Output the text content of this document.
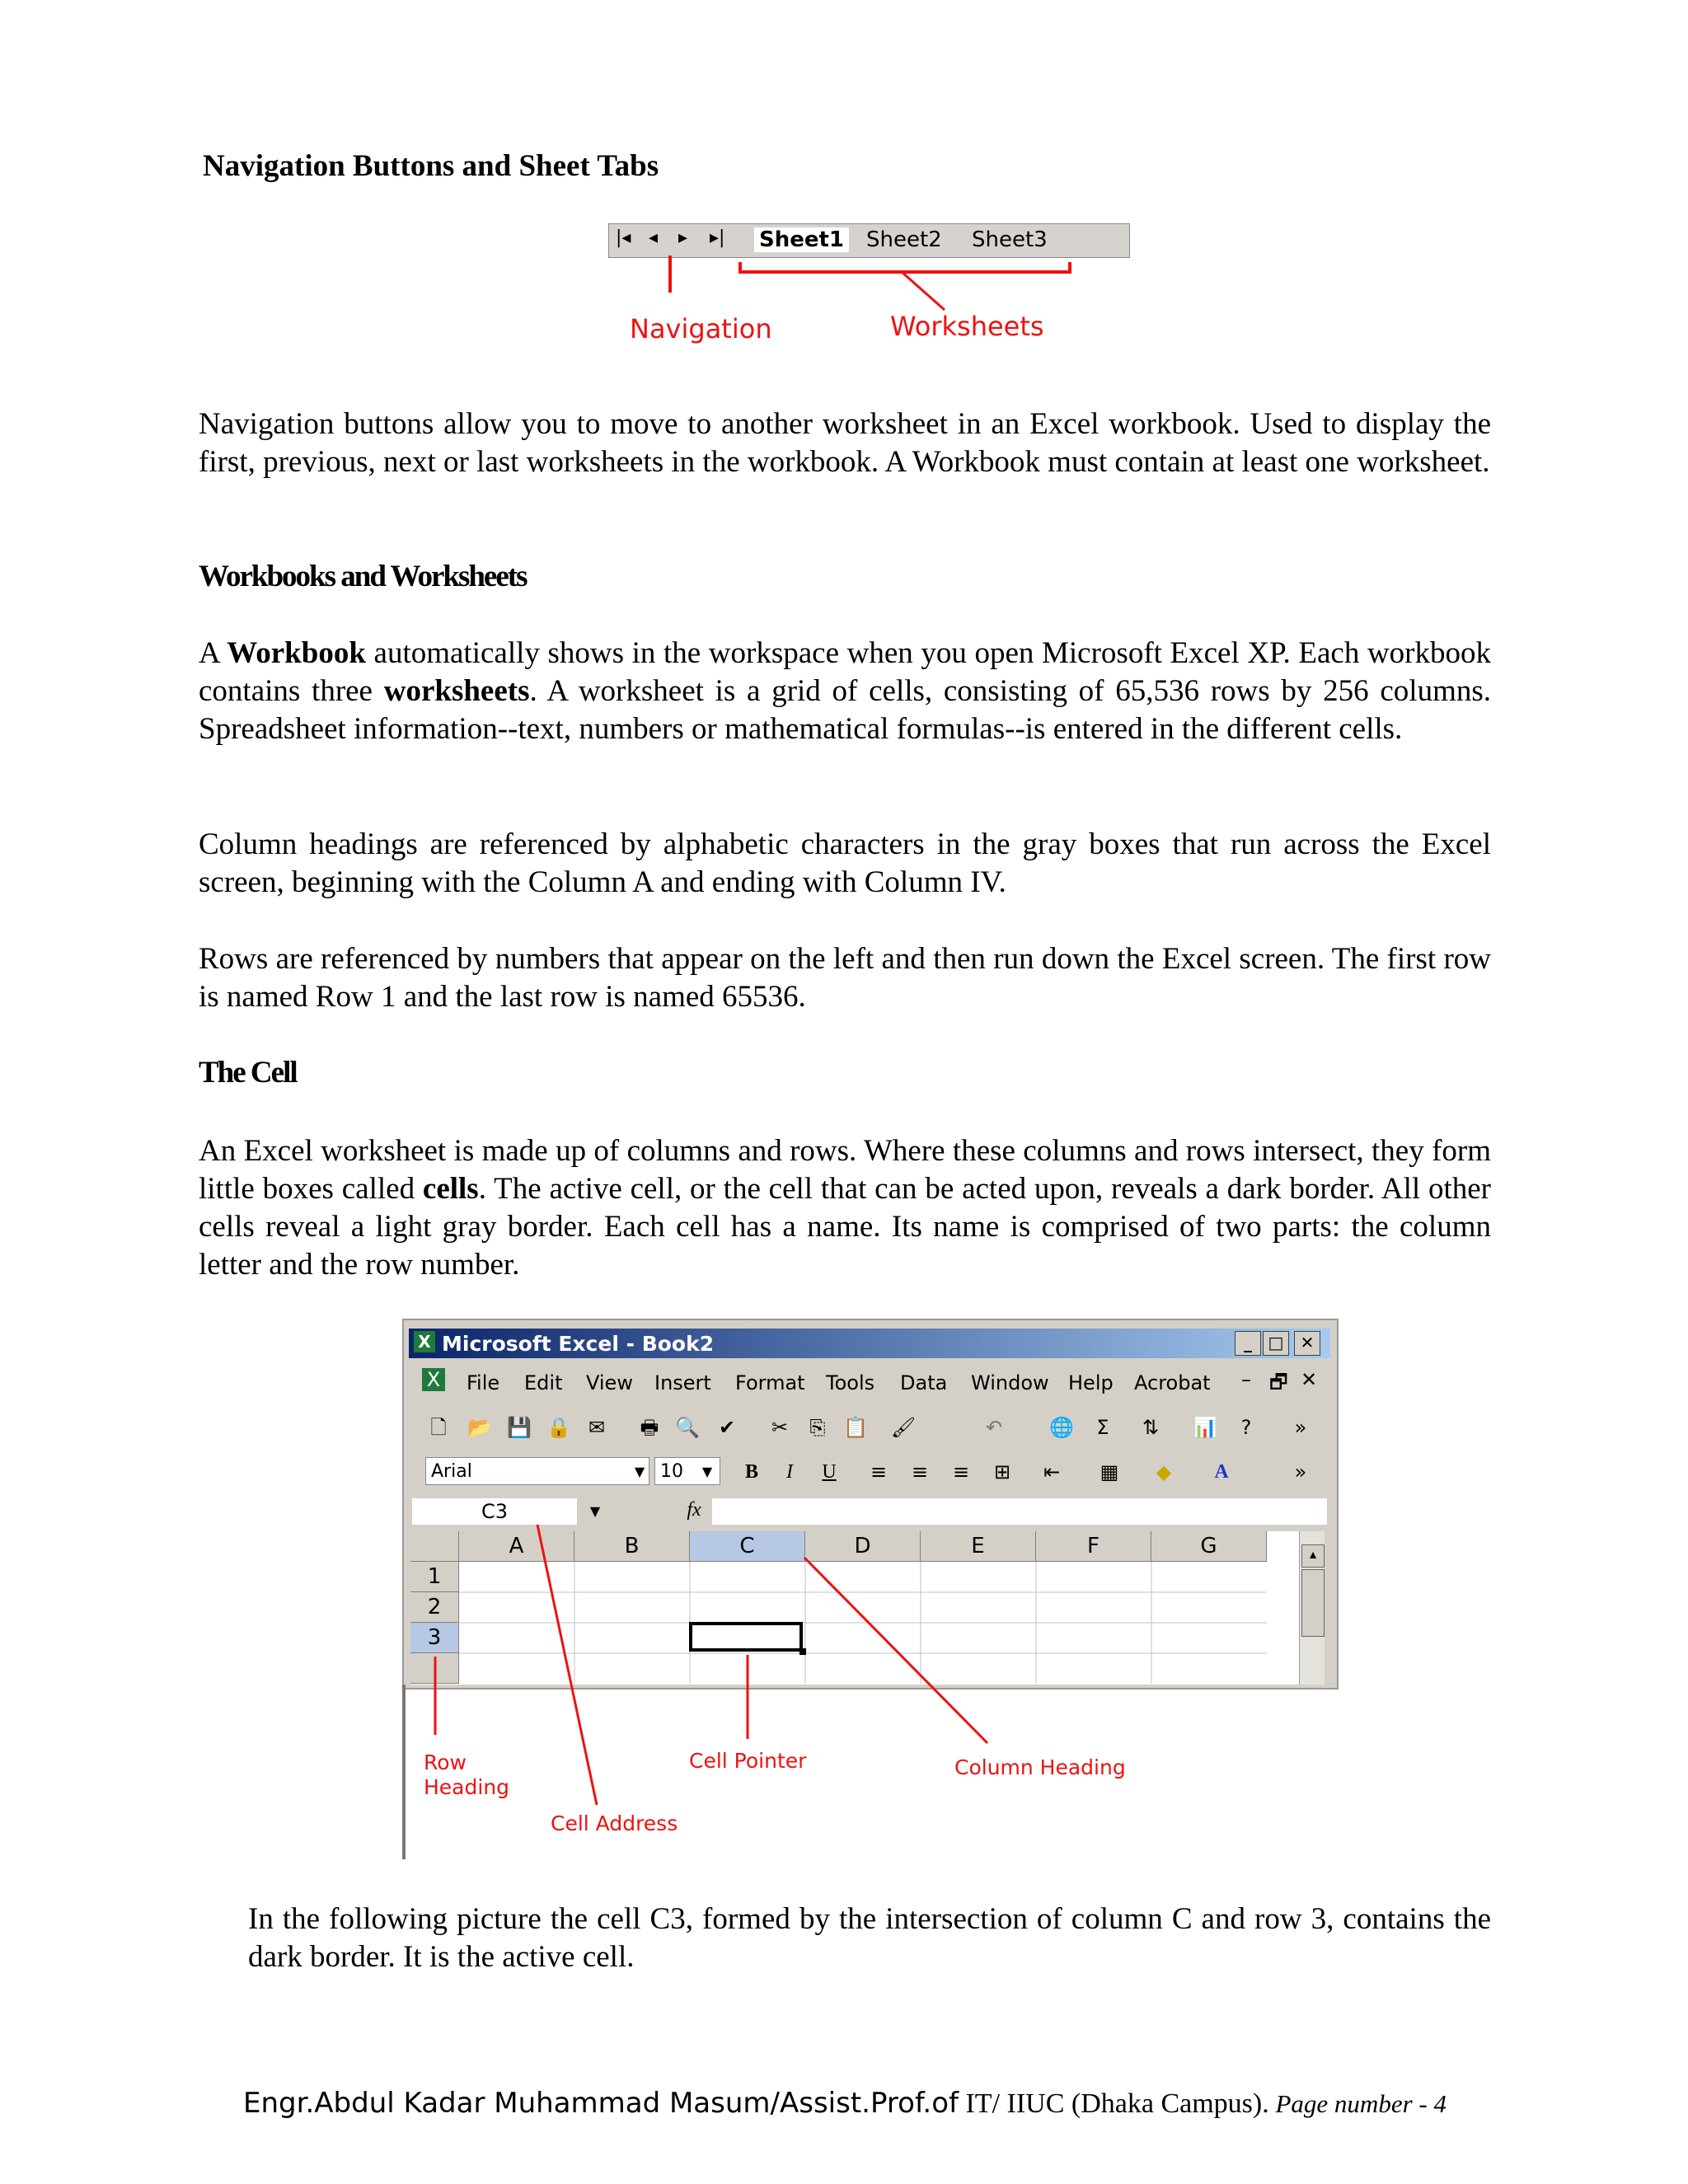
Navigation Buttons and Sheet Tabs
|◂ ◂ ▸ ▸| Sheet1 Sheet2 Sheet3
Navigation	Worksheets
Navigation buttons allow you to move to another worksheet in an Excel workbook. Used to display the first, previous, next or last worksheets in the workbook. A Workbook must contain at least one worksheet.
Workbooks and Worksheets
A Workbook automatically shows in the workspace when you open Microsoft Excel XP. Each workbook contains three worksheets. A worksheet is a grid of cells, consisting of 65,536 rows by 256 columns. Spreadsheet information--text, numbers or mathematical formulas--is entered in the different cells.
Column headings are referenced by alphabetic characters in the gray boxes that run across the Excel screen, beginning with the Column A and ending with Column IV.
Rows are referenced by numbers that appear on the left and then run down the Excel screen. The first row is named Row 1 and the last row is named 65536.
The Cell
An Excel worksheet is made up of columns and rows. Where these columns and rows intersect, they form little boxes called cells. The active cell, or the cell that can be acted upon, reveals a dark border. All other cells reveal a light gray border. Each cell has a name. Its name is comprised of two parts: the column letter and the row number.
X Microsoft Excel - Book2	_ □	✕
X File Edit View Insert Format Tools Data Window Help Acrobat – 🗗 ✕
🗋 📂 💾 🔒 ✉ 🖶 🔍 ✔ ✂ ⎘ 📋 🖌	↶ 🌐	Σ	⇅ 📊	?	»
Arial	▼ 10	▼	B	I	U	≡ ≡ ≡ ⊞ ⇤ ▦ ◆	A	»
C3	▼	fx
A	B	C	D	E	F	G
1
2
3
▲
Row
Heading
Cell Pointer	Column Heading
Cell Address
In the following picture the cell C3, formed by the intersection of column C and row 3, contains the dark border. It is the active cell.
Engr.Abdul Kadar Muhammad Masum/Assist.Prof.of IT/ IIUC (Dhaka Campus). Page number - 4
